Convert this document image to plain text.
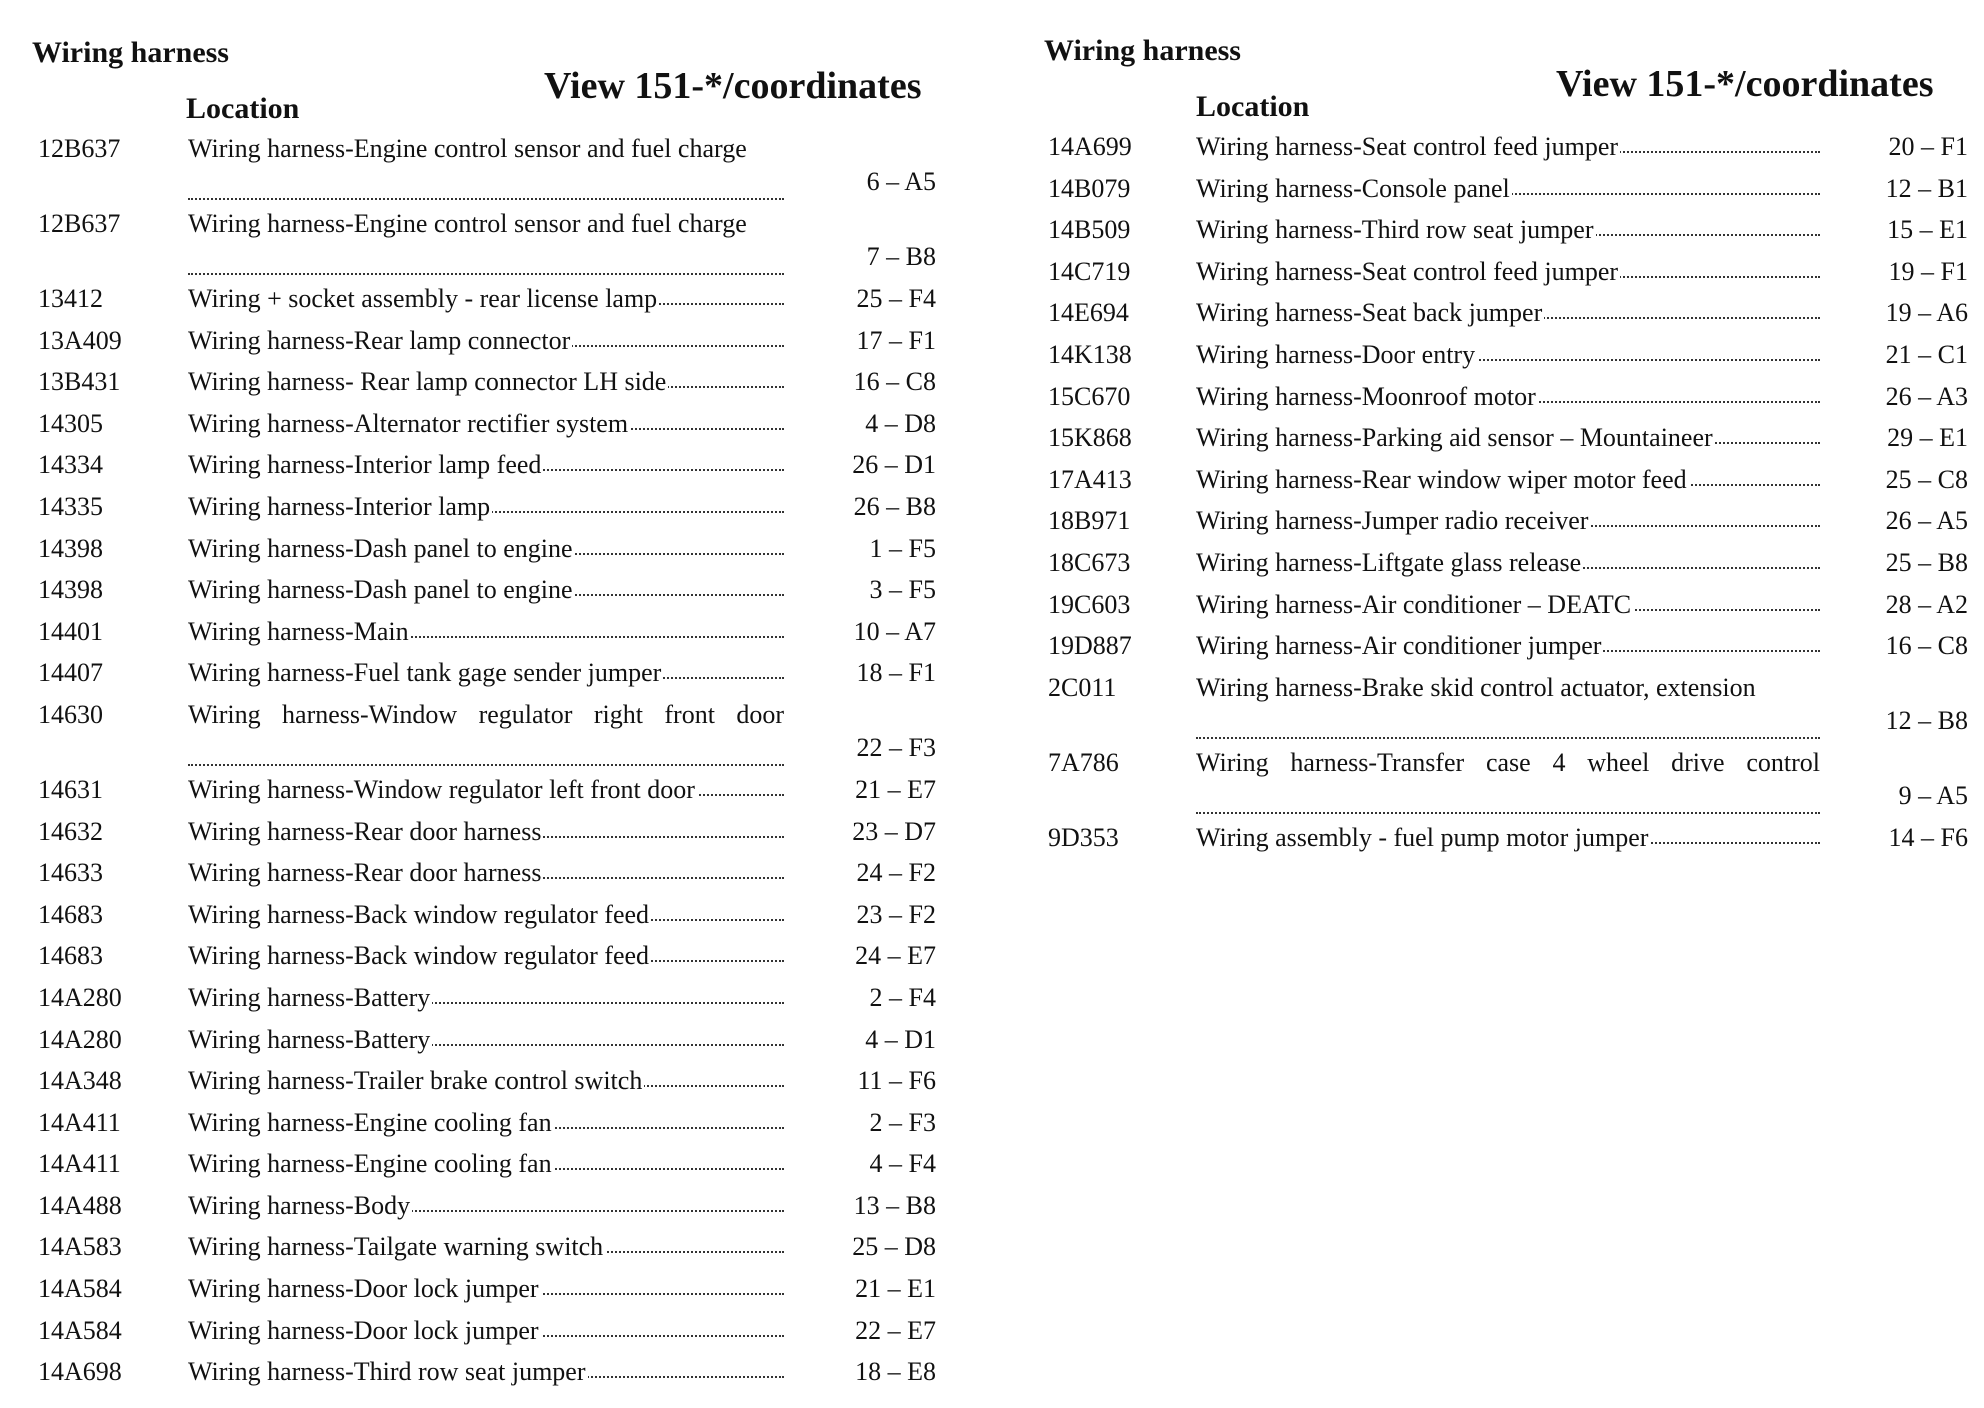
Wiring harness
Location
View 151-*/coordinates
12B637	Wiring harness-Engine control sensor and fuel charge
6 – A5
12B637	Wiring harness-Engine control sensor and fuel charge
7 – B8
13412	Wiring + socket assembly - rear license lamp	25 – F4
13A409	Wiring harness-Rear lamp connector	17 – F1
13B431	Wiring harness- Rear lamp connector LH side	16 – C8
14305	Wiring harness-Alternator rectifier system	4 – D8
14334	Wiring harness-Interior lamp feed	26 – D1
14335	Wiring harness-Interior lamp	26 – B8
14398	Wiring harness-Dash panel to engine	1 – F5
14398	Wiring harness-Dash panel to engine	3 – F5
14401	Wiring harness-Main	10 – A7
14407	Wiring harness-Fuel tank gage sender jumper	18 – F1
14630	Wiring harness-Window regulator right front door
22 – F3
14631	Wiring harness-Window regulator left front door	21 – E7
14632	Wiring harness-Rear door harness	23 – D7
14633	Wiring harness-Rear door harness	24 – F2
14683	Wiring harness-Back window regulator feed	23 – F2
14683	Wiring harness-Back window regulator feed	24 – E7
14A280	Wiring harness-Battery	2 – F4
14A280	Wiring harness-Battery	4 – D1
14A348	Wiring harness-Trailer brake control switch	11 – F6
14A411	Wiring harness-Engine cooling fan	2 – F3
14A411	Wiring harness-Engine cooling fan	4 – F4
14A488	Wiring harness-Body	13 – B8
14A583	Wiring harness-Tailgate warning switch	25 – D8
14A584	Wiring harness-Door lock jumper	21 – E1
14A584	Wiring harness-Door lock jumper	22 – E7
14A698	Wiring harness-Third row seat jumper	18 – E8
Wiring harness
Location
View 151-*/coordinates
14A699 Wiring harness-Seat control feed jumper	20 – F1
14B079	Wiring harness-Console panel	12 – B1
14B509	Wiring harness-Third row seat jumper	15 – E1
14C719	Wiring harness-Seat control feed jumper	19 – F1
14E694	Wiring harness-Seat back jumper	19 – A6
14K138 Wiring harness-Door entry	21 – C1
15C670	Wiring harness-Moonroof motor	26 – A3
15K868 Wiring harness-Parking aid sensor – Mountaineer	29 – E1
17A413 Wiring harness-Rear window wiper motor feed	25 – C8
18B971	Wiring harness-Jumper radio receiver	26 – A5
18C673	Wiring harness-Liftgate glass release	25 – B8
19C603	Wiring harness-Air conditioner – DEATC	28 – A2
19D887 Wiring harness-Air conditioner jumper	16 – C8
2C011	Wiring harness-Brake skid control actuator, extension
12 – B8
7A786	Wiring harness-Transfer case 4 wheel drive control
9 – A5
9D353	Wiring assembly - fuel pump motor jumper	14 – F6
